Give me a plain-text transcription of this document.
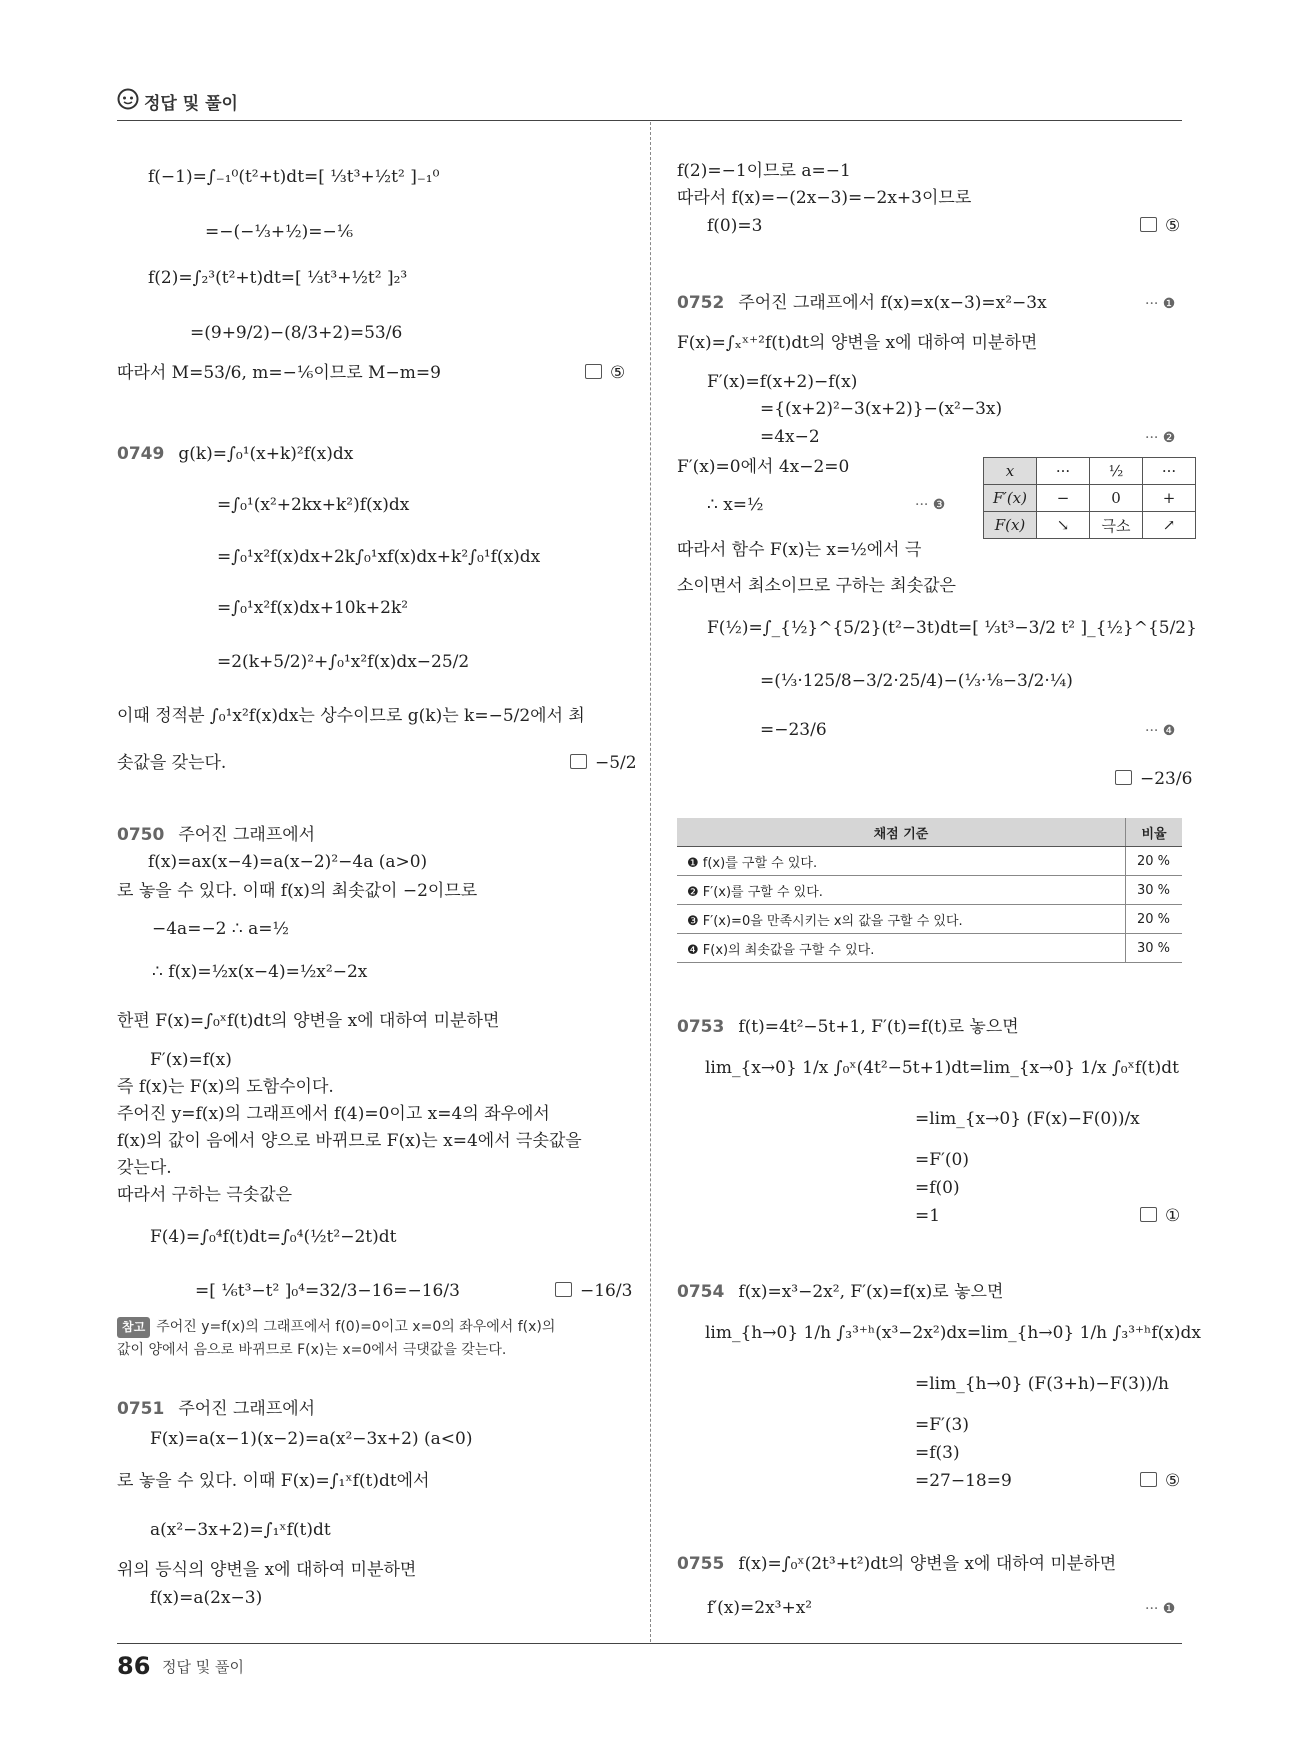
정답 및 풀이
f(−1)=∫₋₁⁰(t²+t)dt=[ ⅓t³+½t² ]₋₁⁰
=−(−⅓+½)=−⅙
f(2)=∫₂³(t²+t)dt=[ ⅓t³+½t² ]₂³
=(9+9/2)−(8/3+2)=53/6
따라서 M=53/6, m=−⅙이므로 M−m=9	⑤
0749 g(k)=∫₀¹(x+k)²f(x)dx
=∫₀¹(x²+2kx+k²)f(x)dx
=∫₀¹x²f(x)dx+2k∫₀¹xf(x)dx+k²∫₀¹f(x)dx
=∫₀¹x²f(x)dx+10k+2k²
=2(k+5/2)²+∫₀¹x²f(x)dx−25/2
이때 정적분 ∫₀¹x²f(x)dx는 상수이므로 g(k)는 k=−5/2에서 최
솟값을 갖는다.	−5/2
0750 주어진 그래프에서
f(x)=ax(x−4)=a(x−2)²−4a (a>0)
로 놓을 수 있다. 이때 f(x)의 최솟값이 −2이므로
−4a=−2 ∴ a=½
∴ f(x)=½x(x−4)=½x²−2x
한편 F(x)=∫₀ˣf(t)dt의 양변을 x에 대하여 미분하면
F′(x)=f(x)
즉 f(x)는 F(x)의 도함수이다.
주어진 y=f(x)의 그래프에서 f(4)=0이고 x=4의 좌우에서
f(x)의 값이 음에서 양으로 바뀌므로 F(x)는 x=4에서 극솟값을
갖는다.
따라서 구하는 극솟값은
F(4)=∫₀⁴f(t)dt=∫₀⁴(½t²−2t)dt
=[ ⅙t³−t² ]₀⁴=32/3−16=−16/3	−16/3
참고 주어진 y=f(x)의 그래프에서 f(0)=0이고 x=0의 좌우에서 f(x)의
값이 양에서 음으로 바뀌므로 F(x)는 x=0에서 극댓값을 갖는다.
0751 주어진 그래프에서
F(x)=a(x−1)(x−2)=a(x²−3x+2) (a<0)
로 놓을 수 있다. 이때 F(x)=∫₁ˣf(t)dt에서
a(x²−3x+2)=∫₁ˣf(t)dt
위의 등식의 양변을 x에 대하여 미분하면
f(x)=a(2x−3)
f(2)=−1이므로 a=−1
따라서 f(x)=−(2x−3)=−2x+3이므로
f(0)=3	⑤
0752 주어진 그래프에서 f(x)=x(x−3)=x²−3x	··· ❶
F(x)=∫ₓˣ⁺²f(t)dt의 양변을 x에 대하여 미분하면
F′(x)=f(x+2)−f(x)
={(x+2)²−3(x+2)}−(x²−3x)
=4x−2	··· ❷
F′(x)=0에서 4x−2=0
∴ x=½	··· ❸
따라서 함수 F(x)는 x=½에서 극
소이면서 최소이므로 구하는 최솟값은
F(½)=∫_{½}^{5/2}(t²−3t)dt=[ ⅓t³−3/2 t² ]_{½}^{5/2}
=(⅓·125/8−3/2·25/4)−(⅓·⅛−3/2·¼)
=−23/6	··· ❹
−23/6
x	···	½	···
F′(x)	−	0	+
F(x)	↘	극소	↗
채점 기준	비율
❶ f(x)를 구할 수 있다.	20 %
❷ F′(x)를 구할 수 있다.	30 %
❸ F′(x)=0을 만족시키는 x의 값을 구할 수 있다.	20 %
❹ F(x)의 최솟값을 구할 수 있다.	30 %
0753 f(t)=4t²−5t+1, F′(t)=f(t)로 놓으면
lim_{x→0} 1/x ∫₀ˣ(4t²−5t+1)dt=lim_{x→0} 1/x ∫₀ˣf(t)dt
=lim_{x→0} (F(x)−F(0))/x
=F′(0)
=f(0)
=1	①
0754 f(x)=x³−2x², F′(x)=f(x)로 놓으면
lim_{h→0} 1/h ∫₃³⁺ʰ(x³−2x²)dx=lim_{h→0} 1/h ∫₃³⁺ʰf(x)dx
=lim_{h→0} (F(3+h)−F(3))/h
=F′(3)
=f(3)
=27−18=9	⑤
0755 f(x)=∫₀ˣ(2t³+t²)dt의 양변을 x에 대하여 미분하면
f′(x)=2x³+x²	··· ❶
86 정답 및 풀이
